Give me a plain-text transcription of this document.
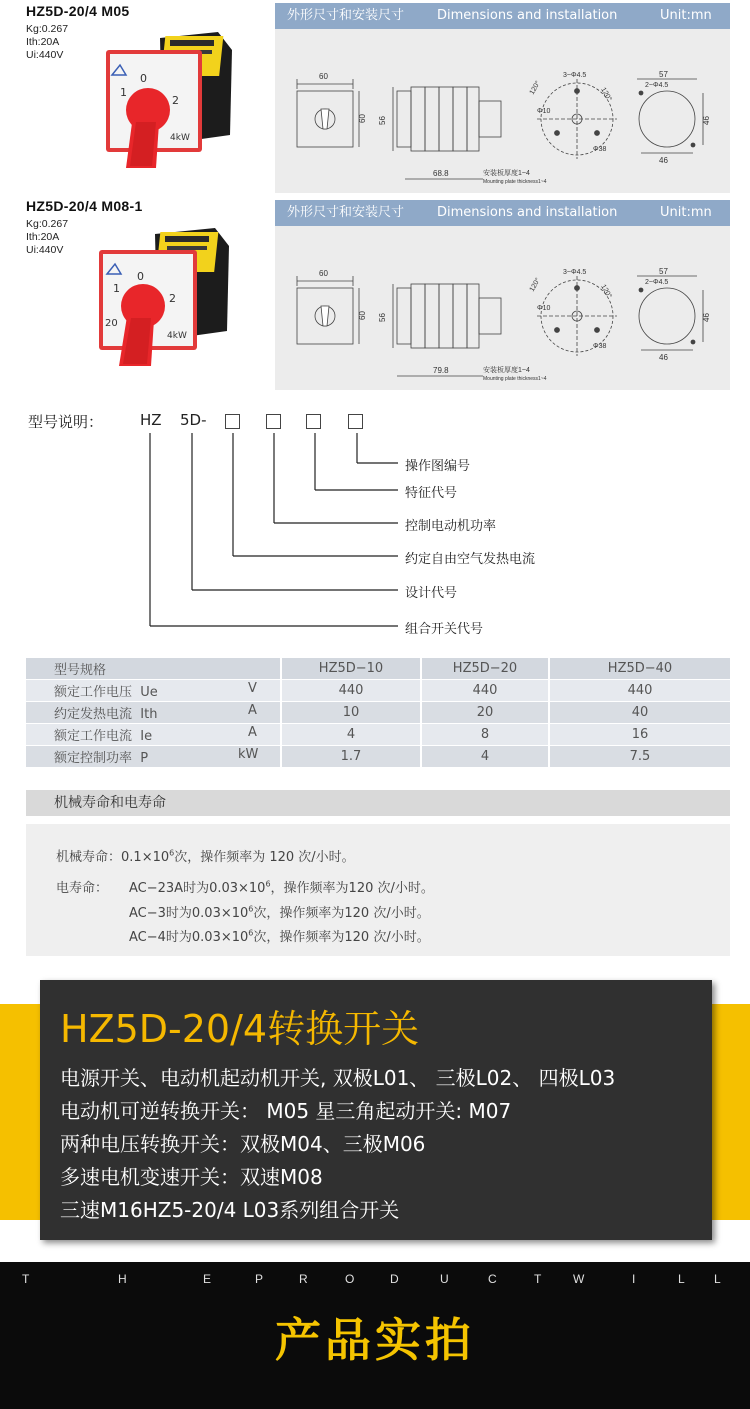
HZ5D-20/4 M05
Kg:0.267
Ith:20A
Ui:440V
0
1
2
4kW
外形尺寸和安装尺寸	Dimensions and installation	Unit:mn
60
60 56
68.8	安装板厚度1~4
Mounting plate thickness1~4
120°	120°
3~Φ4.5
Φ10
Φ38
57
2~Φ4.5
46
46
HZ5D-20/4 M08-1
Kg:0.267
Ith:20A
Ui:440V
0
1
2
20
4kW
外形尺寸和安装尺寸	Dimensions and installation	Unit:mn
60
60 56
79.8	安装板厚度1~4
Mounting plate thickness1~4
120°	120°
3~Φ4.5
Φ10
Φ38
57
2~Φ4.5
46
46
型号说明： HZ 5D-
操作图编号
特征代号
控制电动机功率
约定自由空气发热电流
设计代号
组合开关代号
型号规格	HZ5D−10	HZ5D−20	HZ5D−40
额定工作电压 Ue V	440	440	440
约定发热电流 Ith A	10	20	40
额定工作电流 Ie A	4	8	16
额定控制功率 P kW	1.7	4	7.5
机械寿命和电寿命
机械寿命：$0.1\times 10^6$次，操作频率为 120 次/小时。
电寿命： AC−23A时为$0.03\times 10^6$，操作频率为120 次/小时。
AC−3时为$0.03\times 10^6$次，操作频率为120 次/小时。
AC−4时为$0.03\times 10^6$次，操作频率为120 次/小时。
HZ5D-20/4转换开关
电源开关、电动机起动机开关, 双极L01、 三极L02、 四极L03
电动机可逆转换开关： M05 星三角起动开关: M07
两种电压转换开关：双极M04、三极M06
多速电机变速开关：双速M08
三速M16HZ5-20/4 L03系列组合开关
T	H	E	P	R	O	D	U	C	T	W	I	L L
产品实拍
